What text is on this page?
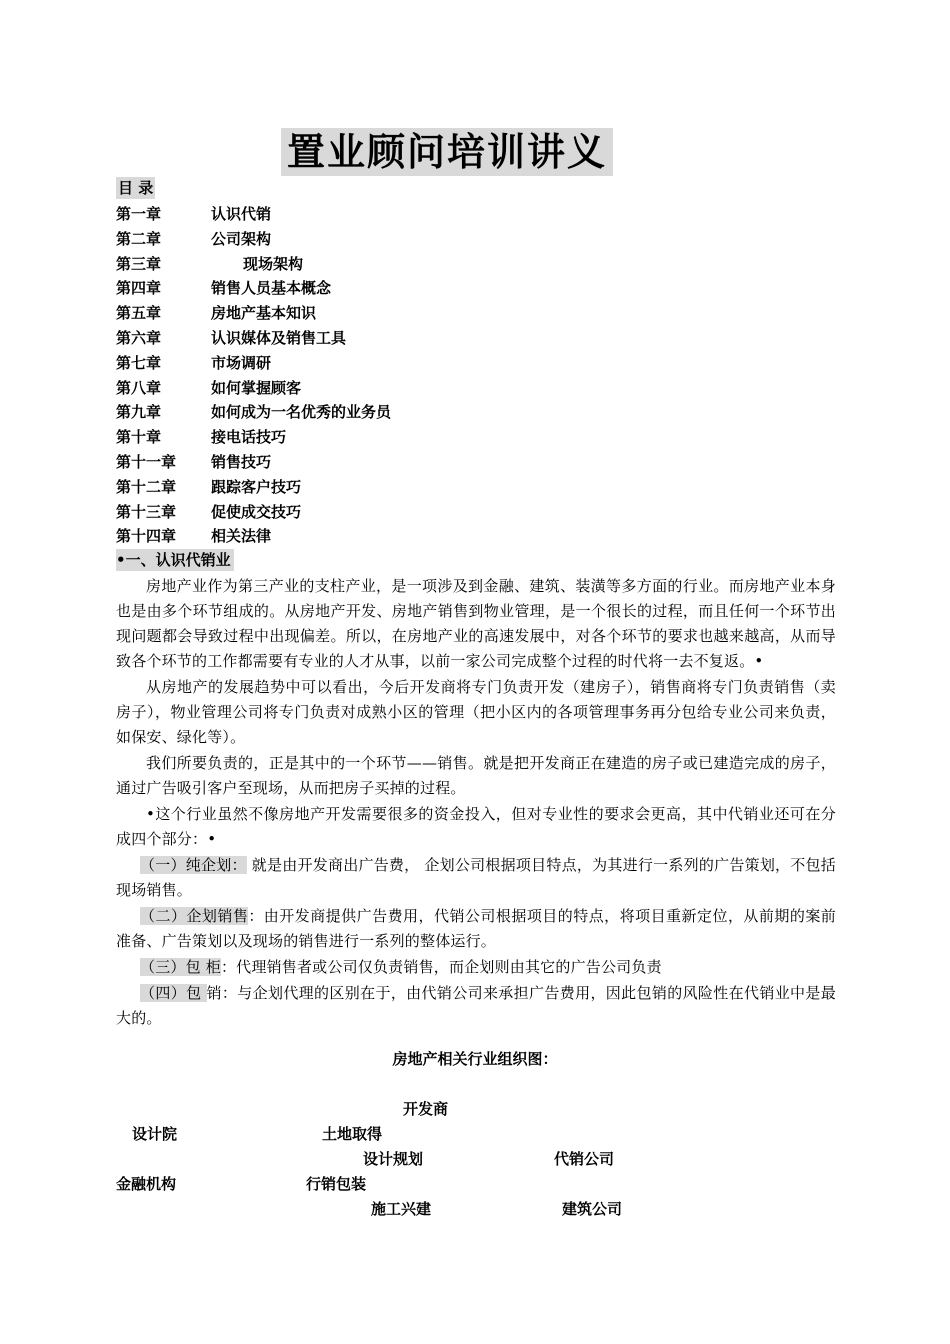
置业顾问培训讲义
目 录
第一章	认识代销
第二章	公司架构
第三章	现场架构
第四章	销售人员基本概念
第五章	房地产基本知识
第六章	认识媒体及销售工具
第七章	市场调研
第八章	如何掌握顾客
第九章	如何成为一名优秀的业务员
第十章	接电话技巧
第十一章 销售技巧
第十二章 跟踪客户技巧
第十三章 促使成交技巧
第十四章 相关法律
•一、认识代销业

房地产业作为第三产业的支柱产业，是一项涉及到金融、建筑、装潢等多方面的行业。而房地产业本身也是由多个环节组成的。从房地产开发、房地产销售到物业管理，是一个很长的过程，而且任何一个环节出现问题都会导致过程中出现偏差。所以，在房地产业的高速发展中，对各个环节的要求也越来越高，从而导致各个环节的工作都需要有专业的人才从事，以前一家公司完成整个过程的时代将一去不复返。•

从房地产的发展趋势中可以看出，今后开发商将专门负责开发（建房子），销售商将专门负责销售（卖房子），物业管理公司将专门负责对成熟小区的管理（把小区内的各项管理事务再分包给专业公司来负责，如保安、绿化等）。

我们所要负责的，正是其中的一个环节——销售。就是把开发商正在建造的房子或已建造完成的房子，通过广告吸引客户至现场，从而把房子买掉的过程。

•这个行业虽然不像房地产开发需要很多的资金投入，但对专业性的要求会更高，其中代销业还可在分成四个部分：•

（一）纯企划： 就是由开发商出广告费， 企划公司根据项目特点，为其进行一系列的广告策划，不包括现场销售。

（二）企划销售：由开发商提供广告费用，代销公司根据项目的特点，将项目重新定位，从前期的案前准备、广告策划以及现场的销售进行一系列的整体运行。

（三）包 柜：代理销售者或公司仅负责销售，而企划则由其它的广告公司负责

（四）包 销：与企划代理的区别在于，由代销公司来承担广告费用，因此包销的风险性在代销业中是最大的。

房地产相关行业组织图：
开发商
设计院	土地取得
设计规划	代销公司
金融机构	行销包装
施工兴建	建筑公司
